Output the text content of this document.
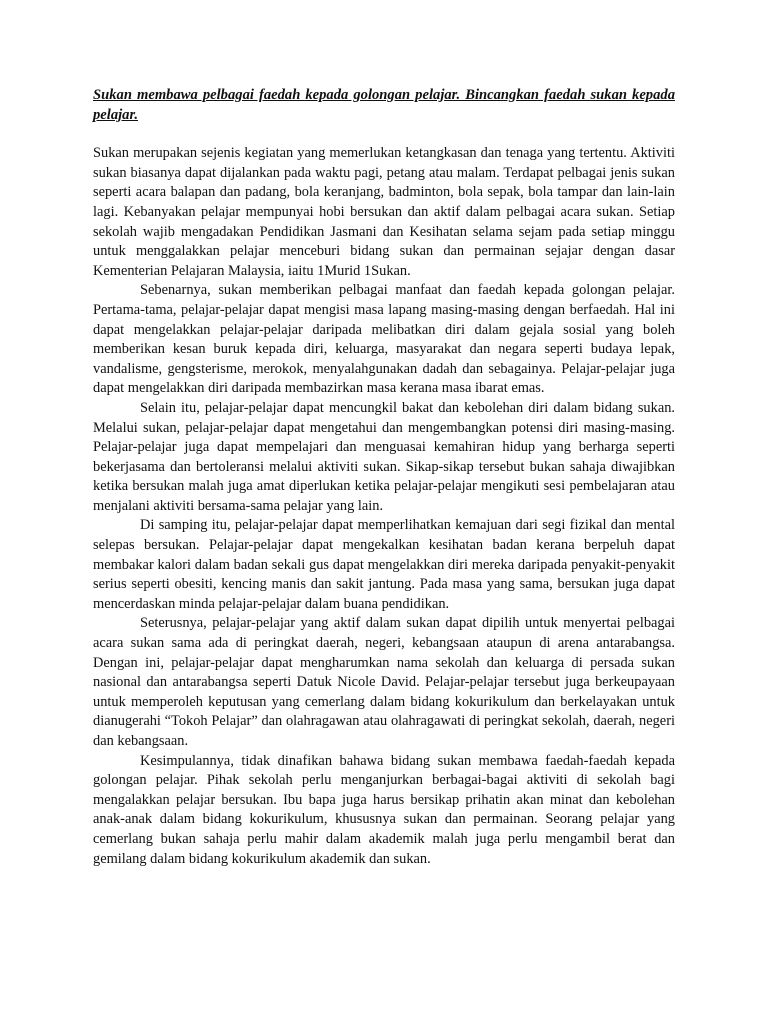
Sukan membawa pelbagai faedah kepada golongan pelajar. Bincangkan faedah sukan kepada pelajar.

Sukan merupakan sejenis kegiatan yang memerlukan ketangkasan dan tenaga yang tertentu. Aktiviti sukan biasanya dapat dijalankan pada waktu pagi, petang atau malam. Terdapat pelbagai jenis sukan seperti acara balapan dan padang, bola keranjang, badminton, bola sepak, bola tampar dan lain-lain lagi. Kebanyakan pelajar mempunyai hobi bersukan dan aktif dalam pelbagai acara sukan. Setiap sekolah wajib mengadakan Pendidikan Jasmani dan Kesihatan selama sejam pada setiap minggu untuk menggalakkan pelajar menceburi bidang sukan dan permainan sejajar dengan dasar Kementerian Pelajaran Malaysia, iaitu 1Murid 1Sukan.

Sebenarnya, sukan memberikan pelbagai manfaat dan faedah kepada golongan pelajar. Pertama-tama, pelajar-pelajar dapat mengisi masa lapang masing-masing dengan berfaedah. Hal ini dapat mengelakkan pelajar-pelajar daripada melibatkan diri dalam gejala sosial yang boleh memberikan kesan buruk kepada diri, keluarga, masyarakat dan negara seperti budaya lepak, vandalisme, gengsterisme, merokok, menyalahgunakan dadah dan sebagainya. Pelajar-pelajar juga dapat mengelakkan diri daripada membazirkan masa kerana masa ibarat emas.

Selain itu, pelajar-pelajar dapat mencungkil bakat dan kebolehan diri dalam bidang sukan. Melalui sukan, pelajar-pelajar dapat mengetahui dan mengembangkan potensi diri masing-masing. Pelajar-pelajar juga dapat mempelajari dan menguasai kemahiran hidup yang berharga seperti bekerjasama dan bertoleransi melalui aktiviti sukan. Sikap-sikap tersebut bukan sahaja diwajibkan ketika bersukan malah juga amat diperlukan ketika pelajar-pelajar mengikuti sesi pembelajaran atau menjalani aktiviti bersama-sama pelajar yang lain.

Di samping itu, pelajar-pelajar dapat memperlihatkan kemajuan dari segi fizikal dan mental selepas bersukan. Pelajar-pelajar dapat mengekalkan kesihatan badan kerana berpeluh dapat membakar kalori dalam badan sekali gus dapat mengelakkan diri mereka daripada penyakit-penyakit serius seperti obesiti, kencing manis dan sakit jantung. Pada masa yang sama, bersukan juga dapat mencerdaskan minda pelajar-pelajar dalam buana pendidikan.

Seterusnya, pelajar-pelajar yang aktif dalam sukan dapat dipilih untuk menyertai pelbagai acara sukan sama ada di peringkat daerah, negeri, kebangsaan ataupun di arena antarabangsa. Dengan ini, pelajar-pelajar dapat mengharumkan nama sekolah dan keluarga di persada sukan nasional dan antarabangsa seperti Datuk Nicole David. Pelajar-pelajar tersebut juga berkeupayaan untuk memperoleh keputusan yang cemerlang dalam bidang kokurikulum dan berkelayakan untuk dianugerahi “Tokoh Pelajar” dan olahragawan atau olahragawati di peringkat sekolah, daerah, negeri dan kebangsaan.

Kesimpulannya, tidak dinafikan bahawa bidang sukan membawa faedah-faedah kepada golongan pelajar. Pihak sekolah perlu menganjurkan berbagai-bagai aktiviti di sekolah bagi mengalakkan pelajar bersukan. Ibu bapa juga harus bersikap prihatin akan minat dan kebolehan anak-anak dalam bidang kokurikulum, khususnya sukan dan permainan. Seorang pelajar yang cemerlang bukan sahaja perlu mahir dalam akademik malah juga perlu mengambil berat dan gemilang dalam bidang kokurikulum akademik dan sukan.
